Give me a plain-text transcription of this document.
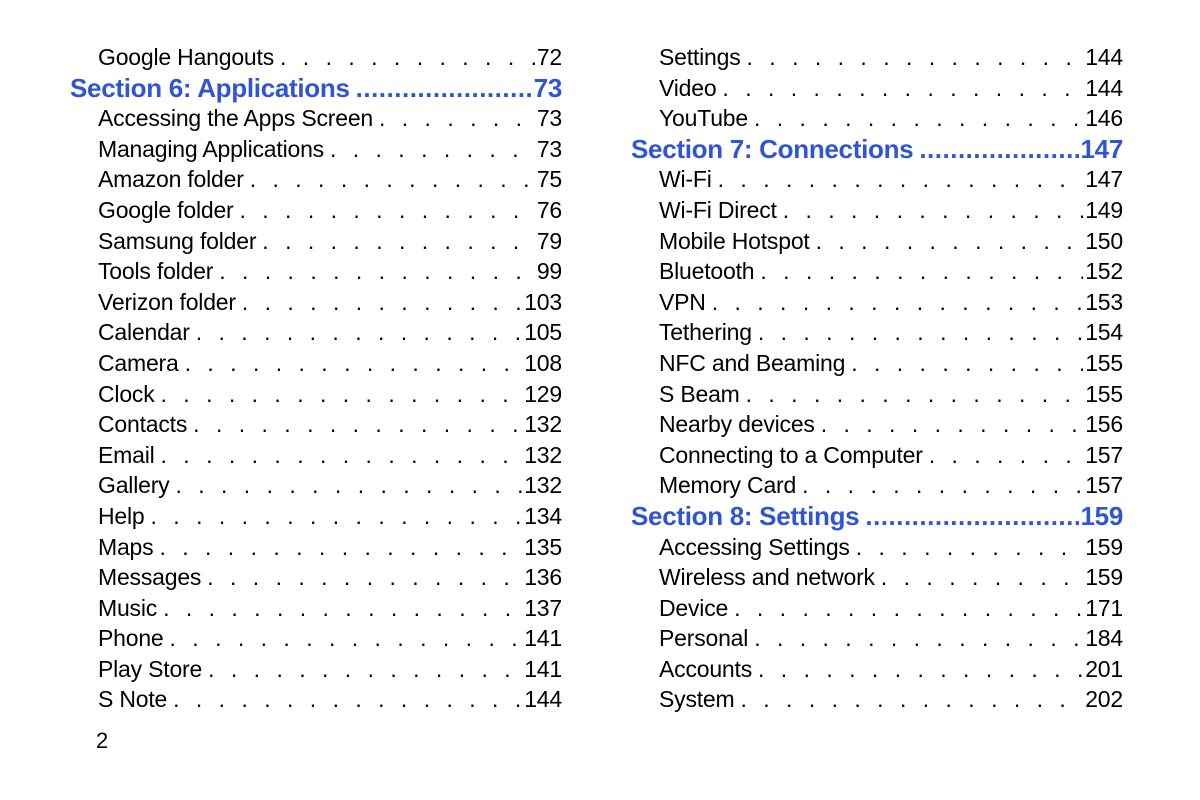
Google Hangouts . . .	72
Section 6: Applications .....	73
Accessing the Apps Screen . . .	73
Managing Applications . . .	73
Amazon folder . . .	75
Google folder . . .	76
Samsung folder . . .	79
Tools folder . . .	99
Verizon folder . . .	103
Calendar . . .	105
Camera . . .	108
Clock . . .	129
Contacts . . .	132
Email . . .	132
Gallery . . .	132
Help . . .	134
Maps . . .	135
Messages . . .	136
Music . . .	137
Phone . . .	141
Play Store . . .	141
S Note . . .	144
Settings . . .	144
Video . . .	144
YouTube . . .	146
Section 7: Connections .....	147
Wi-Fi . . .	147
Wi-Fi Direct . . .	149
Mobile Hotspot . . .	150
Bluetooth . . .	152
VPN . . .	153
Tethering . . .	154
NFC and Beaming . . .	155
S Beam . . .	155
Nearby devices . . .	156
Connecting to a Computer . . .	157
Memory Card . . .	157
Section 8: Settings .....	159
Accessing Settings . . .	159
Wireless and network . . .	159
Device . . .	171
Personal . . .	184
Accounts . . .	201
System . . .	202
2
